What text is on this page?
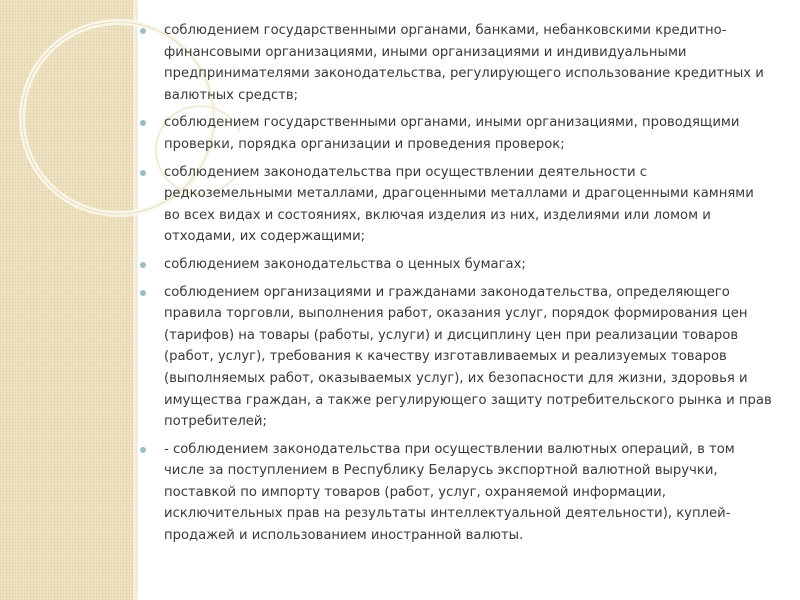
соблюдением государственными органами, банками, небанковскими кредитно-финансовыми организациями, иными организациями и индивидуальными предпринимателями законодательства, регулирующего использование кредитных и валютных средств;
соблюдением государственными органами, иными организациями, проводящими проверки, порядка организации и проведения проверок;
соблюдением законодательства при осуществлении деятельности с редкоземельными металлами, драгоценными металлами и драгоценными камнями во всех видах и состояниях, включая изделия из них, изделиями или ломом и отходами, их содержащими;
соблюдением законодательства о ценных бумагах;
соблюдением организациями и гражданами законодательства, определяющего правила торговли, выполнения работ, оказания услуг, порядок формирования цен (тарифов) на товары (работы, услуги) и дисциплину цен при реализации товаров (работ, услуг), требования к качеству изготавливаемых и реализуемых товаров (выполняемых работ, оказываемых услуг), их безопасности для жизни, здоровья и имущества граждан, а также регулирующего защиту потребительского рынка и прав потребителей;
- соблюдением законодательства при осуществлении валютных операций, в том числе за поступлением в Республику Беларусь экспортной валютной выручки, поставкой по импорту товаров (работ, услуг, охраняемой информации, исключительных прав на результаты интеллектуальной деятельности), куплей-продажей и использованием иностранной валюты.
